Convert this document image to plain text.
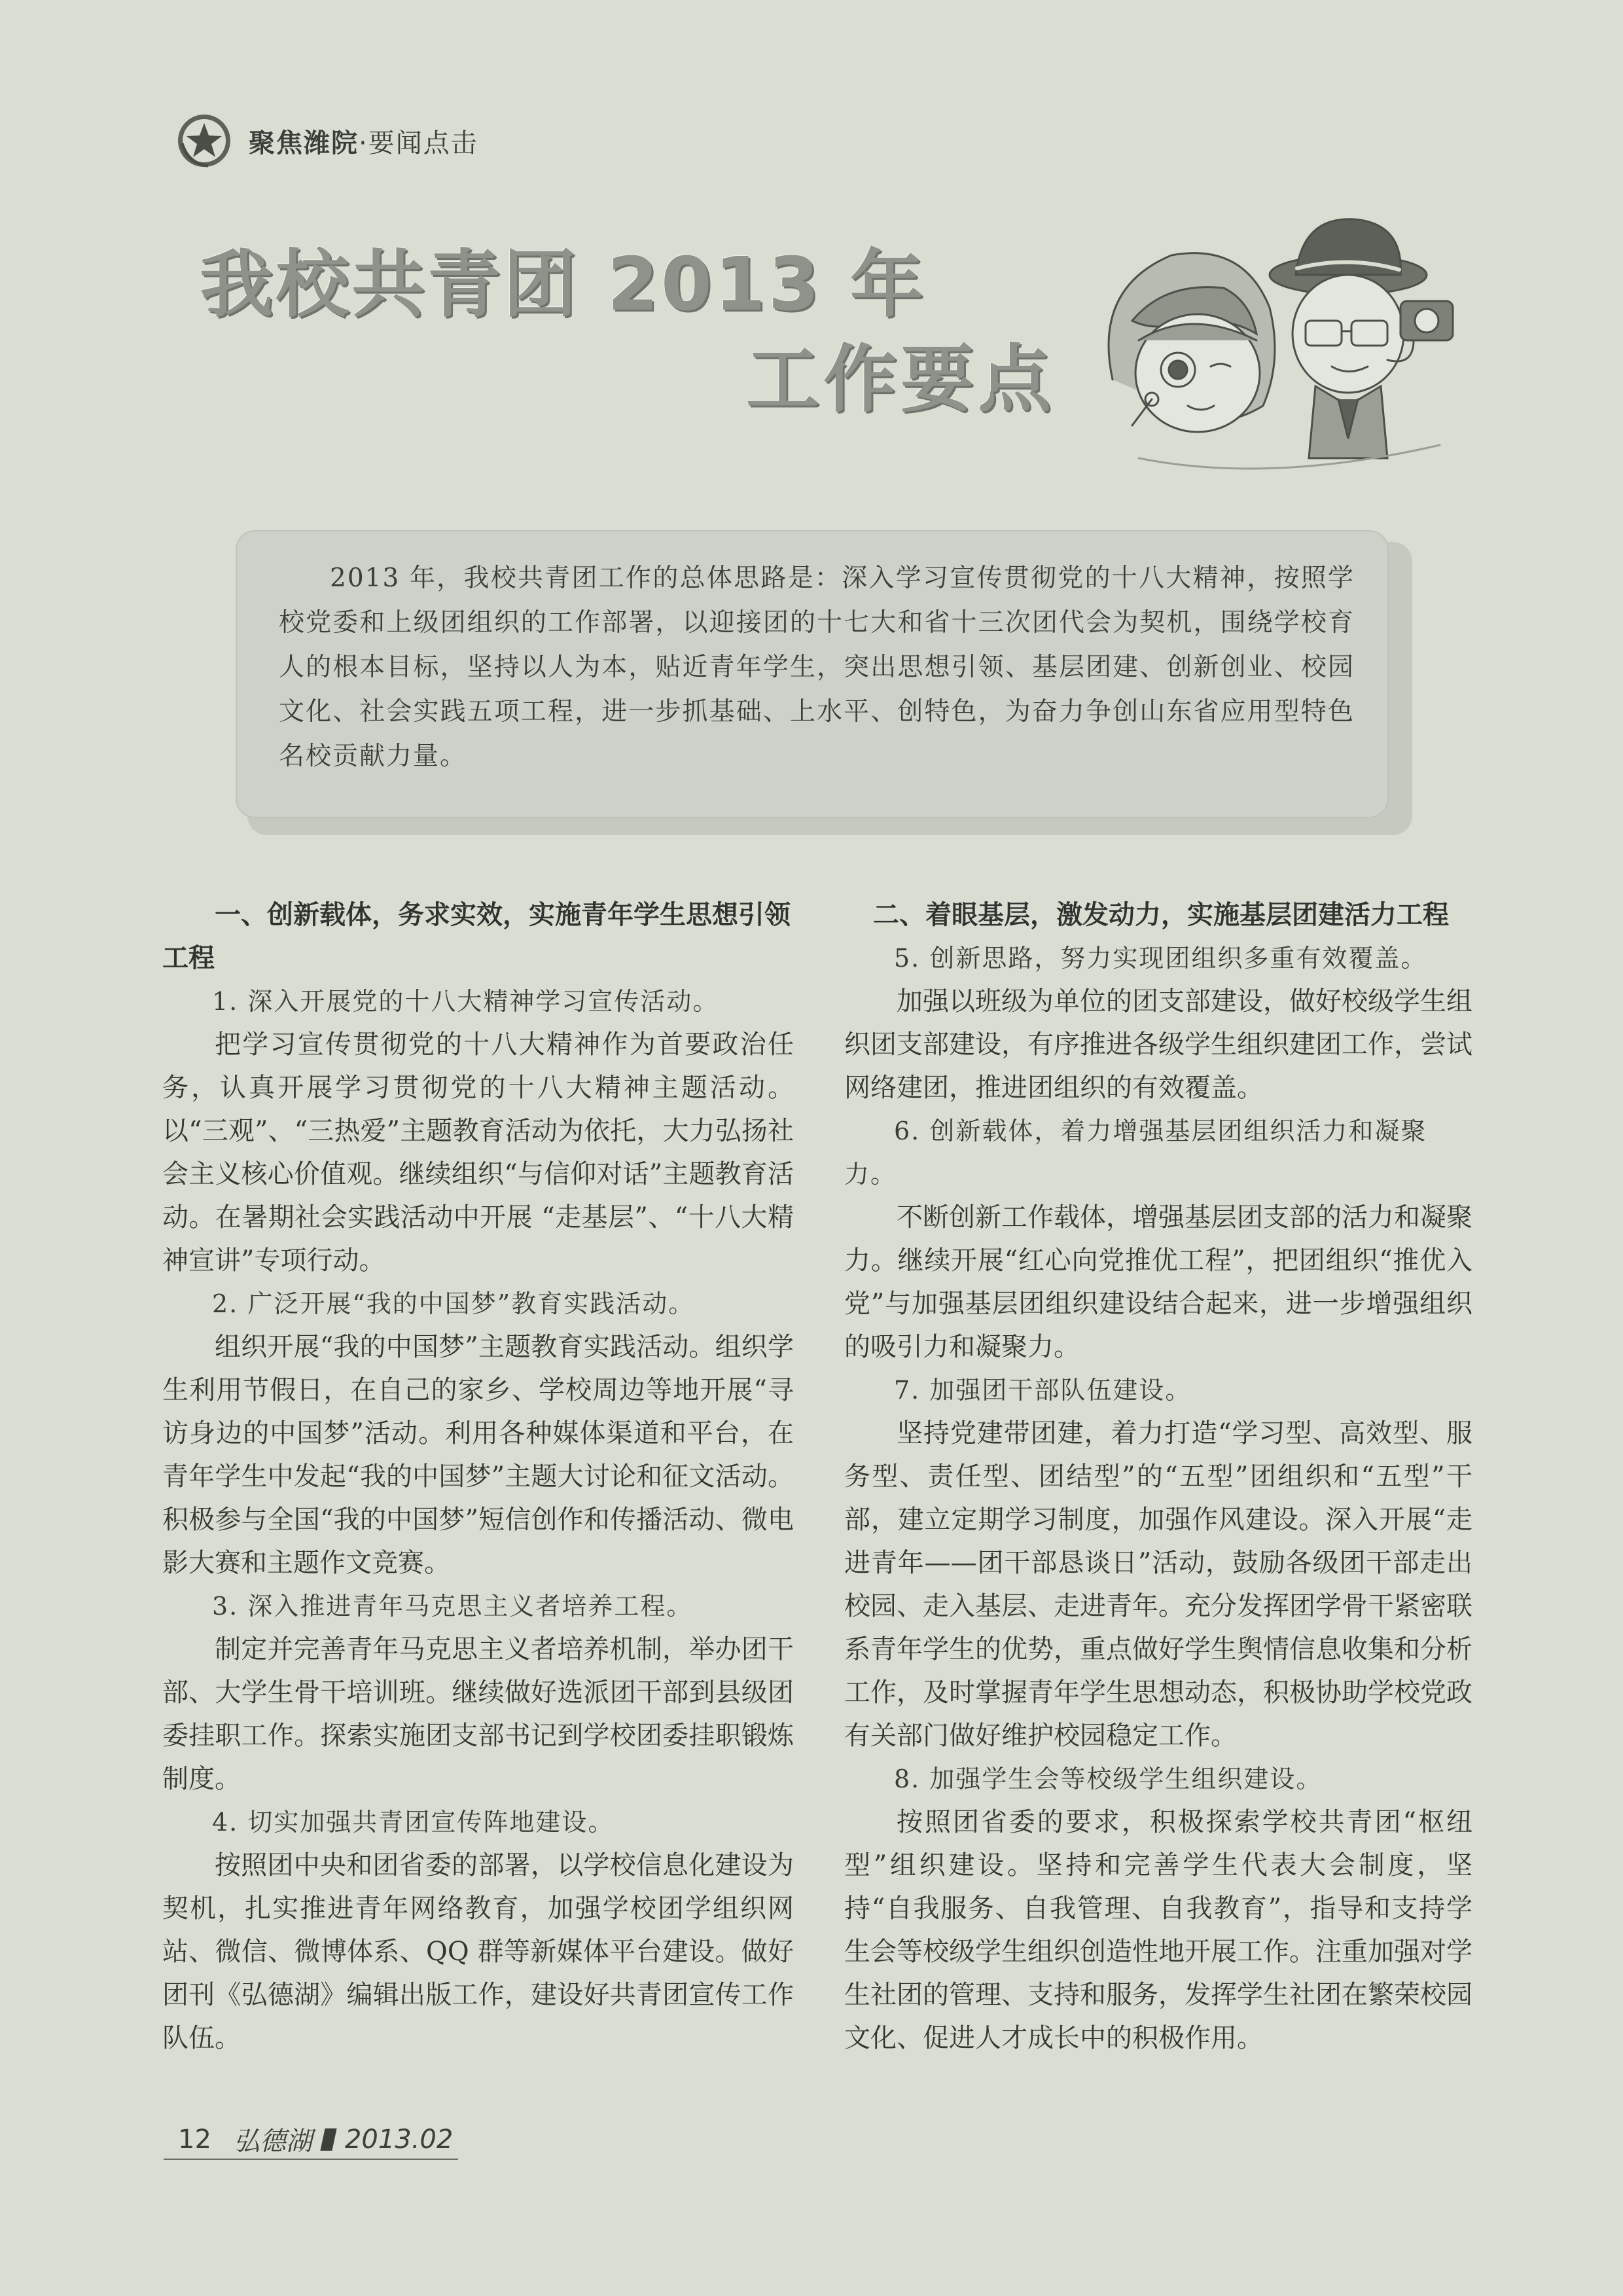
聚焦潍院·要闻点击
我校共青团 2013 年
工作要点

2013 年，我校共青团工作的总体思路是：深入学习宣传贯彻党的十八大精神，按照学校党委和上级团组织的工作部署，以迎接团的十七大和省十三次团代会为契机，围绕学校育人的根本目标，坚持以人为本，贴近青年学生，突出思想引领、基层团建、创新创业、校园文化、社会实践五项工程，进一步抓基础、上水平、创特色，为奋力争创山东省应用型特色名校贡献力量。

一、创新载体，务求实效，实施青年学生思想引领工程
1. 深入开展党的十八大精神学习宣传活动。

把学习宣传贯彻党的十八大精神作为首要政治任务，认真开展学习贯彻党的十八大精神主题活动。以“三观”、“三热爱”主题教育活动为依托，大力弘扬社会主义核心价值观。继续组织“与信仰对话”主题教育活动。在暑期社会实践活动中开展 “走基层”、“十八大精神宣讲”专项行动。

2. 广泛开展“我的中国梦”教育实践活动。

组织开展“我的中国梦”主题教育实践活动。组织学生利用节假日，在自己的家乡、学校周边等地开展“寻访身边的中国梦”活动。利用各种媒体渠道和平台，在青年学生中发起“我的中国梦”主题大讨论和征文活动。积极参与全国“我的中国梦”短信创作和传播活动、微电影大赛和主题作文竞赛。

3. 深入推进青年马克思主义者培养工程。

制定并完善青年马克思主义者培养机制，举办团干部、大学生骨干培训班。继续做好选派团干部到县级团委挂职工作。探索实施团支部书记到学校团委挂职锻炼制度。

4. 切实加强共青团宣传阵地建设。

按照团中央和团省委的部署，以学校信息化建设为契机，扎实推进青年网络教育，加强学校团学组织网站、微信、微博体系、QQ 群等新媒体平台建设。做好团刊《弘德湖》编辑出版工作，建设好共青团宣传工作队伍。

二、着眼基层，激发动力，实施基层团建活力工程
5. 创新思路，努力实现团组织多重有效覆盖。

加强以班级为单位的团支部建设，做好校级学生组织团支部建设，有序推进各级学生组织建团工作，尝试网络建团，推进团组织的有效覆盖。

6. 创新载体，着力增强基层团组织活力和凝聚力。

不断创新工作载体，增强基层团支部的活力和凝聚力。继续开展“红心向党推优工程”，把团组织“推优入党”与加强基层团组织建设结合起来，进一步增强组织的吸引力和凝聚力。

7. 加强团干部队伍建设。

坚持党建带团建，着力打造“学习型、高效型、服务型、责任型、团结型”的“五型”团组织和“五型”干部，建立定期学习制度，加强作风建设。深入开展“走进青年——团干部恳谈日”活动，鼓励各级团干部走出校园、走入基层、走进青年。充分发挥团学骨干紧密联系青年学生的优势，重点做好学生舆情信息收集和分析工作，及时掌握青年学生思想动态，积极协助学校党政有关部门做好维护校园稳定工作。

8. 加强学生会等校级学生组织建设。

按照团省委的要求，积极探索学校共青团“枢纽型”组织建设。坚持和完善学生代表大会制度，坚持“自我服务、自我管理、自我教育”，指导和支持学生会等校级学生组织创造性地开展工作。注重加强对学生社团的管理、支持和服务，发挥学生社团在繁荣校园文化、促进人才成长中的积极作用。

12 弘德湖 2013.02
